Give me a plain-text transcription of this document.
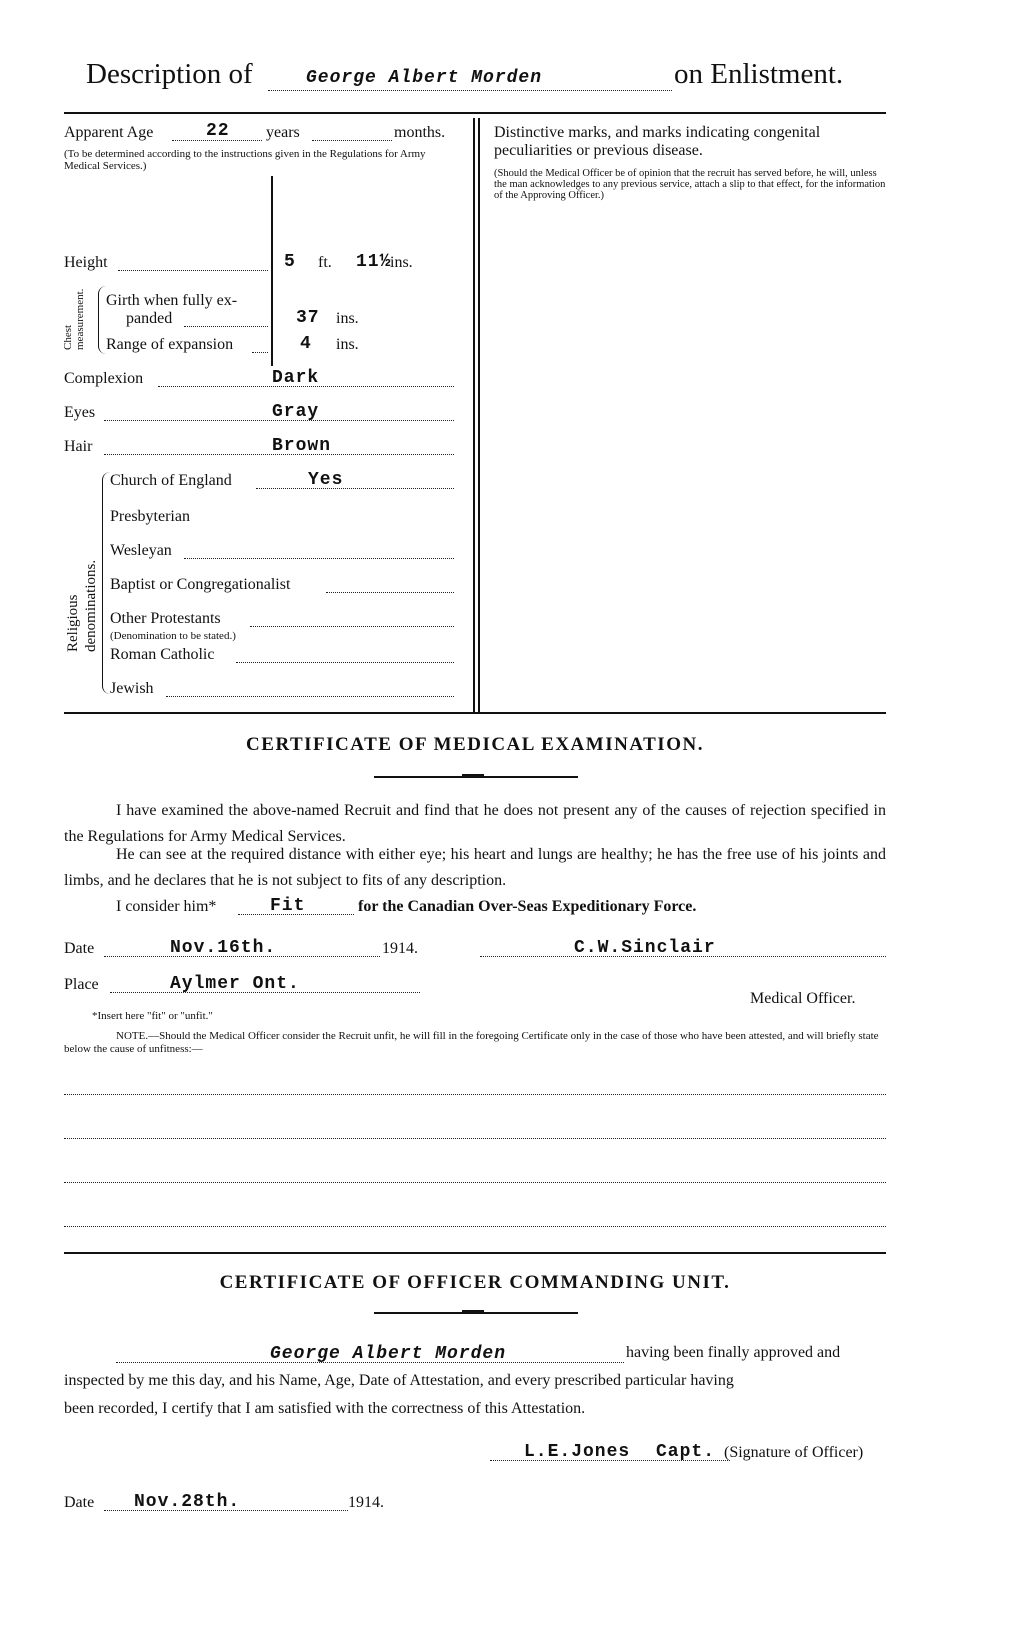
Description of	George Albert Morden	on Enlistment.
Apparent Age	22 years	months.
(To be determined according to the instructions given in the Regulations for Army Medical Services.)
Height	5 ft. 11½
ins.
Chest measurement. Girth when fully ex-
panded	37 ins.
Range of expansion	4 ins.
Complexion	Dark
Eyes	Gray
Hair	Brown
Religious denominations.
Church of England	Yes
Presbyterian
Wesleyan
Baptist or Congregationalist
Other Protestants
(Denomination to be stated.)
Roman Catholic
Jewish
Distinctive marks, and marks indicating congenital peculiarities or previous disease.
(Should the Medical Officer be of opinion that the recruit has served before, he will, unless the man acknowledges to any previous service, attach a slip to that effect, for the information of the Approving Officer.)
CERTIFICATE OF MEDICAL EXAMINATION.
I have examined the above-named Recruit and find that he does not present any of the causes of rejection specified in the Regulations for Army Medical Services.
He can see at the required distance with either eye; his heart and lungs are healthy; he has the free use of his joints and limbs, and he declares that he is not subject to fits of any description.
I consider him*	Fit	for the Canadian Over-Seas Expeditionary Force.
Date	Nov.16th.	1914.	C.W.Sinclair
Place	Aylmer Ont.
Medical Officer.
*Insert here "fit" or "unfit."
NOTE.—Should the Medical Officer consider the Recruit unfit, he will fill in the foregoing Certificate only in the case of those who have been attested, and will briefly state below the cause of unfitness:—
CERTIFICATE OF OFFICER COMMANDING UNIT.
George Albert Morden	having been finally approved and
inspected by me this day, and his Name, Age, Date of Attestation, and every prescribed particular having
been recorded, I certify that I am satisfied with the correctness of this Attestation.
L.E.Jones Capt. (Signature of Officer)
Date Nov.28th.	1914.
